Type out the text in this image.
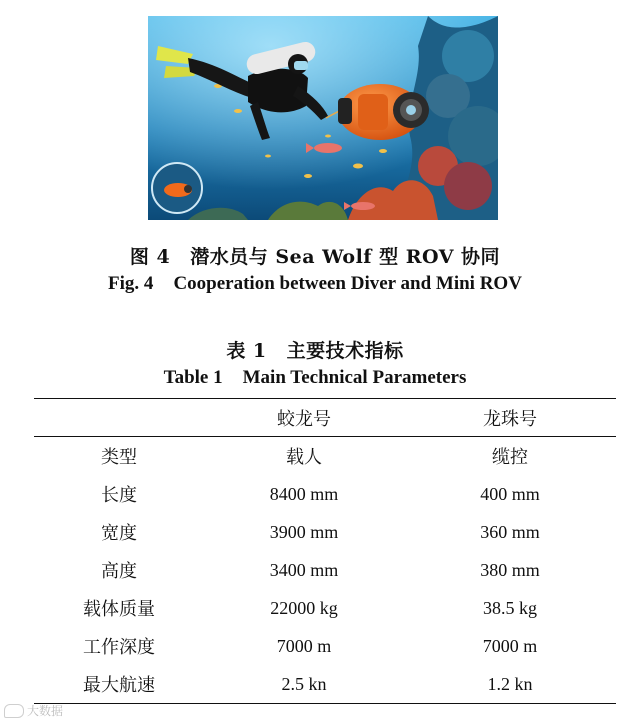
图 4 潜水员与 Sea Wolf 型 ROV 协同
Fig. 4 Cooperation between Diver and Mini ROV
表 1 主要技术指标
Table 1 Main Technical Parameters
	蛟龙号	龙珠号
类型	载人	缆控
长度	8400 mm	400 mm
宽度	3900 mm	360 mm
高度	3400 mm	380 mm
载体质量	22000 kg	38.5 kg
工作深度	7000 m	7000 m
最大航速	2.5 kn	1.2 kn
大数据
